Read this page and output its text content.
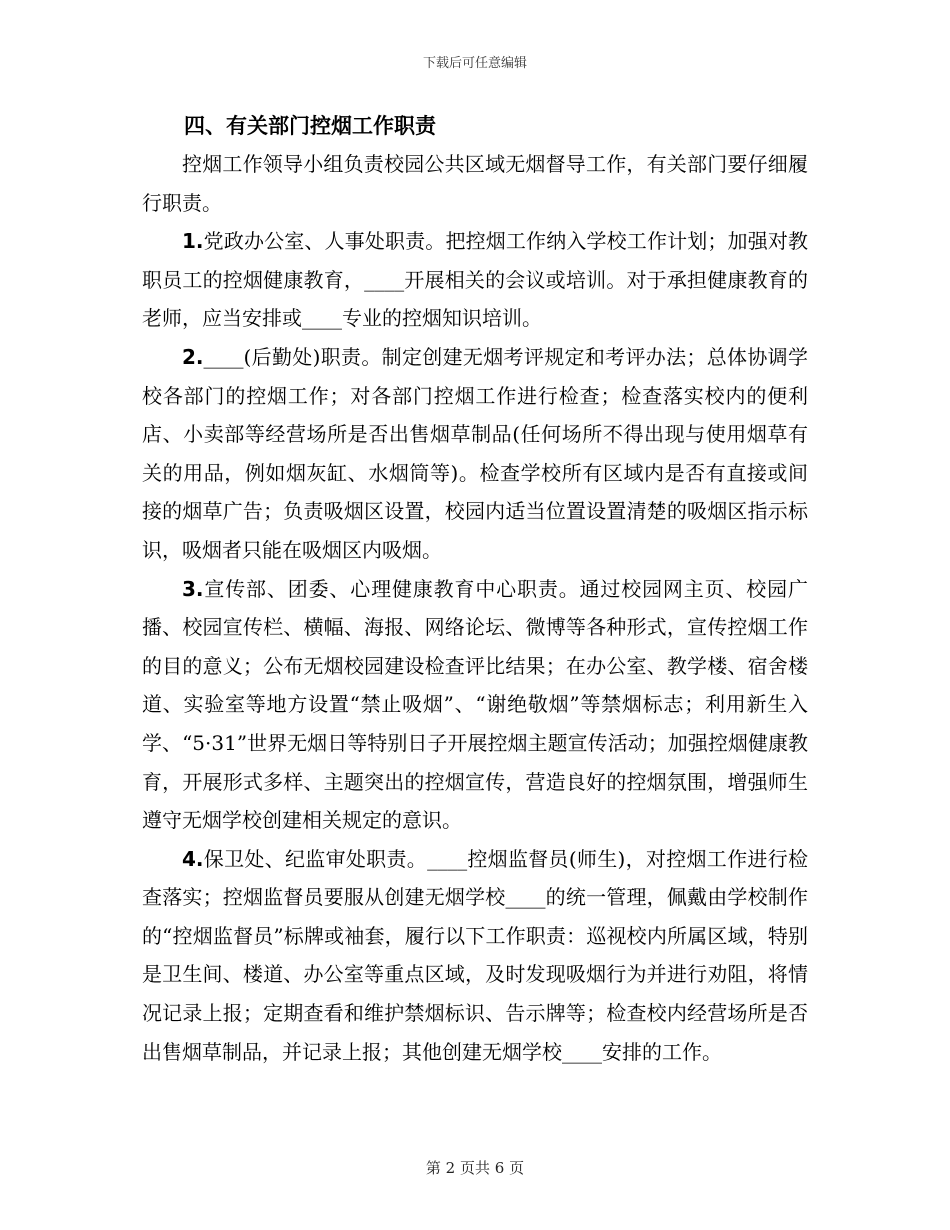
下载后可任意编辑
四、有关部门控烟工作职责

控烟工作领导小组负责校园公共区域无烟督导工作，有关部门要仔细履行职责。

1.党政办公室、人事处职责。把控烟工作纳入学校工作计划；加强对教职员工的控烟健康教育，____开展相关的会议或培训。对于承担健康教育的老师，应当安排或____专业的控烟知识培训。

2.____(后勤处)职责。制定创建无烟考评规定和考评办法；总体协调学校各部门的控烟工作；对各部门控烟工作进行检查；检查落实校内的便利店、小卖部等经营场所是否出售烟草制品(任何场所不得出现与使用烟草有关的用品，例如烟灰缸、水烟筒等)。检查学校所有区域内是否有直接或间接的烟草广告；负责吸烟区设置，校园内适当位置设置清楚的吸烟区指示标识，吸烟者只能在吸烟区内吸烟。

3.宣传部、团委、心理健康教育中心职责。通过校园网主页、校园广播、校园宣传栏、横幅、海报、网络论坛、微博等各种形式，宣传控烟工作的目的意义；公布无烟校园建设检查评比结果；在办公室、教学楼、宿舍楼道、实验室等地方设置“禁止吸烟”、“谢绝敬烟”等禁烟标志；利用新生入学、“5·31”世界无烟日等特别日子开展控烟主题宣传活动；加强控烟健康教育，开展形式多样、主题突出的控烟宣传，营造良好的控烟氛围，增强师生遵守无烟学校创建相关规定的意识。

4.保卫处、纪监审处职责。____控烟监督员(师生)，对控烟工作进行检查落实；控烟监督员要服从创建无烟学校____的统一管理，佩戴由学校制作的“控烟监督员”标牌或袖套，履行以下工作职责：巡视校内所属区域，特别是卫生间、楼道、办公室等重点区域，及时发现吸烟行为并进行劝阻，将情况记录上报；定期查看和维护禁烟标识、告示牌等；检查校内经营场所是否出售烟草制品，并记录上报；其他创建无烟学校____安排的工作。

第 2 页共 6 页
